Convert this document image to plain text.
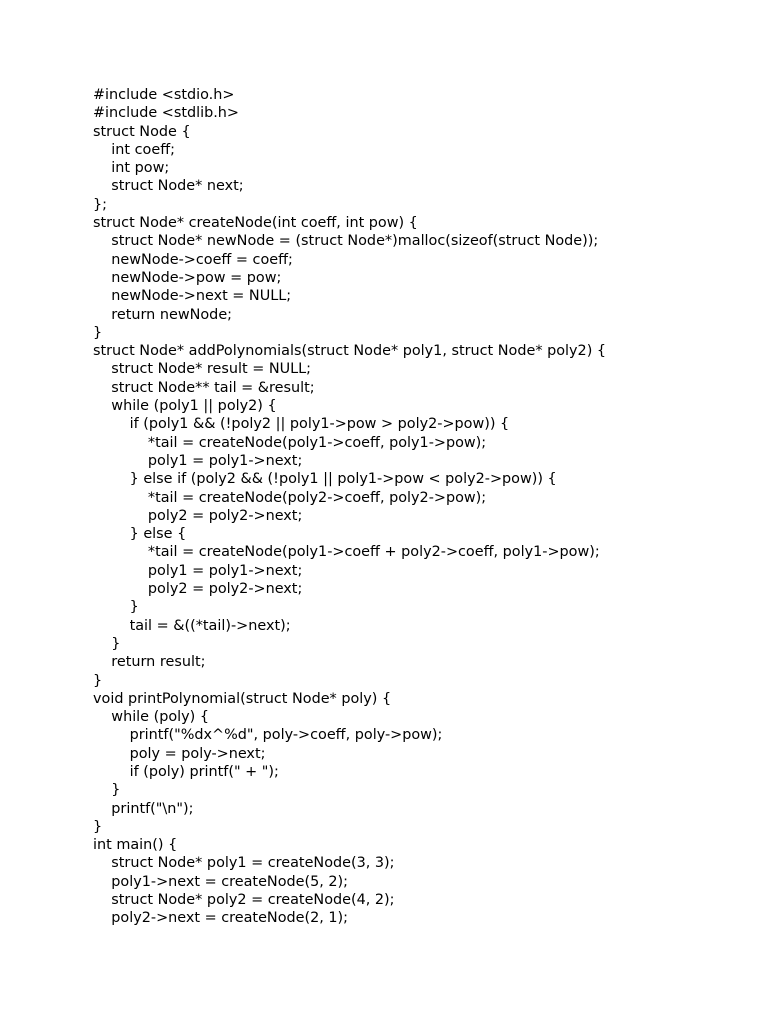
#include <stdio.h>
#include <stdlib.h>
struct Node {
int coeff;
int pow;
struct Node* next;
};
struct Node* createNode(int coeff, int pow) {
struct Node* newNode = (struct Node*)malloc(sizeof(struct Node));
newNode->coeff = coeff;
newNode->pow = pow;
newNode->next = NULL;
return newNode;
}
struct Node* addPolynomials(struct Node* poly1, struct Node* poly2) {
struct Node* result = NULL;
struct Node** tail = &result;
while (poly1 || poly2) {
if (poly1 && (!poly2 || poly1->pow > poly2->pow)) {
*tail = createNode(poly1->coeff, poly1->pow);
poly1 = poly1->next;
} else if (poly2 && (!poly1 || poly1->pow < poly2->pow)) {
*tail = createNode(poly2->coeff, poly2->pow);
poly2 = poly2->next;
} else {
*tail = createNode(poly1->coeff + poly2->coeff, poly1->pow);
poly1 = poly1->next;
poly2 = poly2->next;
}
tail = &((*tail)->next);
}
return result;
}
void printPolynomial(struct Node* poly) {
while (poly) {
printf("%dx^%d", poly->coeff, poly->pow);
poly = poly->next;
if (poly) printf(" + ");
}
printf("\n");
}
int main() {
struct Node* poly1 = createNode(3, 3);
poly1->next = createNode(5, 2);
struct Node* poly2 = createNode(4, 2);
poly2->next = createNode(2, 1);
